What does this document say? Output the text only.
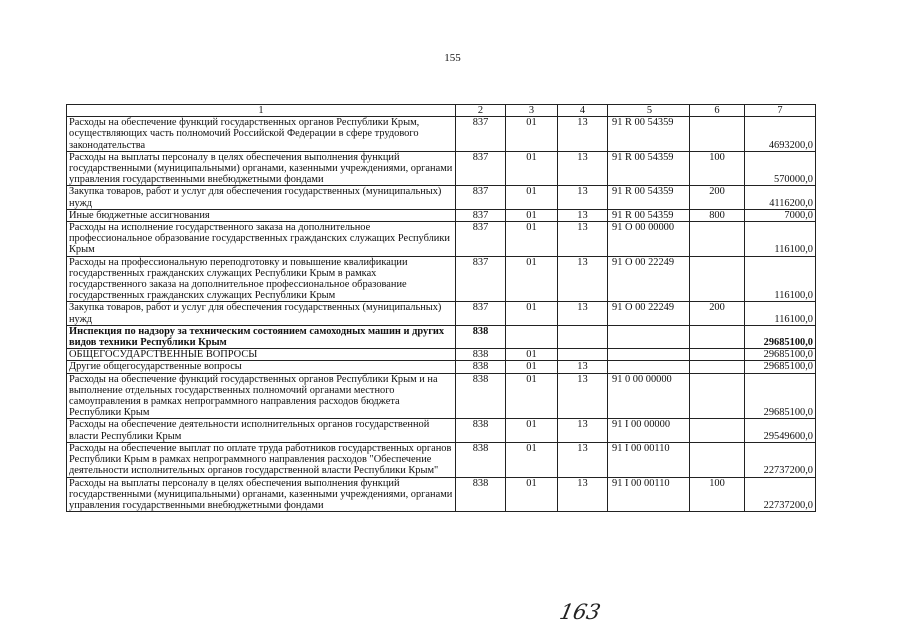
155
1	2	3	4	5	6	7
Расходы на обеспечение функций государственных органов Республики Крым, осуществляющих часть полномочий Российской Федерации в сфере трудового законодательства	837	01	13	91 R 00 54359		4693200,0
Расходы на выплаты персоналу в целях обеспечения выполнения функций государственными (муниципальными) органами, казенными учреждениями, органами управления государственными внебюджетными фондами	837	01	13	91 R 00 54359	100	570000,0
Закупка товаров, работ и услуг для обеспечения государственных (муниципальных) нужд	837	01	13	91 R 00 54359	200	4116200,0
Иные бюджетные ассигнования	837	01	13	91 R 00 54359	800	7000,0
Расходы на исполнение государственного заказа на дополнительное профессиональное образование государственных гражданских служащих Республики Крым	837	01	13	91 О 00 00000		116100,0
Расходы на профессиональную переподготовку и повышение квалификации государственных гражданских служащих Республики Крым в рамках государственного заказа на дополнительное профессиональное образование государственных гражданских служащих Республики Крым	837	01	13	91 О 00 22249		116100,0
Закупка товаров, работ и услуг для обеспечения государственных (муниципальных) нужд	837	01	13	91 О 00 22249	200	116100,0
Инспекция по надзору за техническим состоянием самоходных машин и других видов техники Республики Крым	838					29685100,0
ОБЩЕГОСУДАРСТВЕННЫЕ ВОПРОСЫ	838	01				29685100,0
Другие общегосударственные вопросы	838	01	13			29685100,0
Расходы на обеспечение функций государственных органов Республики Крым и на выполнение отдельных государственных полномочий органами местного самоуправления в рамках непрограммного направления расходов бюджета Республики Крым	838	01	13	91 0 00 00000		29685100,0
Расходы на обеспечение деятельности исполнительных органов государственной власти Республики Крым	838	01	13	91 I 00 00000		29549600,0
Расходы на обеспечение выплат по оплате труда работников государственных органов Республики Крым в рамках непрограммного направления расходов "Обеспечение деятельности исполнительных органов государственной власти Республики Крым"	838	01	13	91 I 00 00110		22737200,0
Расходы на выплаты персоналу в целях обеспечения выполнения функций государственными (муниципальными) органами, казенными учреждениями, органами управления государственными внебюджетными фондами	838	01	13	91 I 00 00110	100	22737200,0
163
